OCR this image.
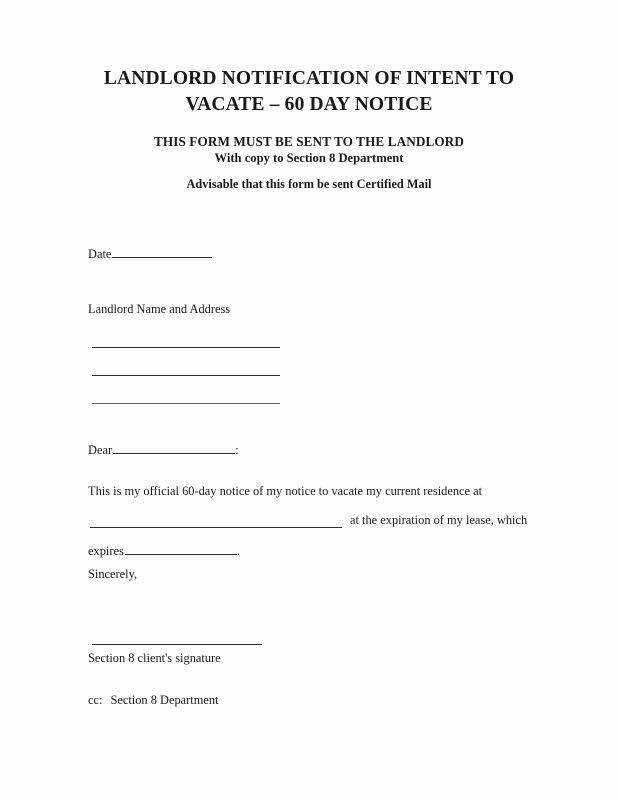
LANDLORD NOTIFICATION OF INTENT TO
VACATE – 60 DAY NOTICE
THIS FORM MUST BE SENT TO THE LANDLORD
With copy to Section 8 Department
Advisable that this form be sent Certified Mail
Date
Landlord Name and Address
Dear	:
This is my official 60-day notice of my notice to vacate my current residence at
at the expiration of my lease, which
expires	.
Sincerely,
Section 8 client's signature
cc: Section 8 Department
